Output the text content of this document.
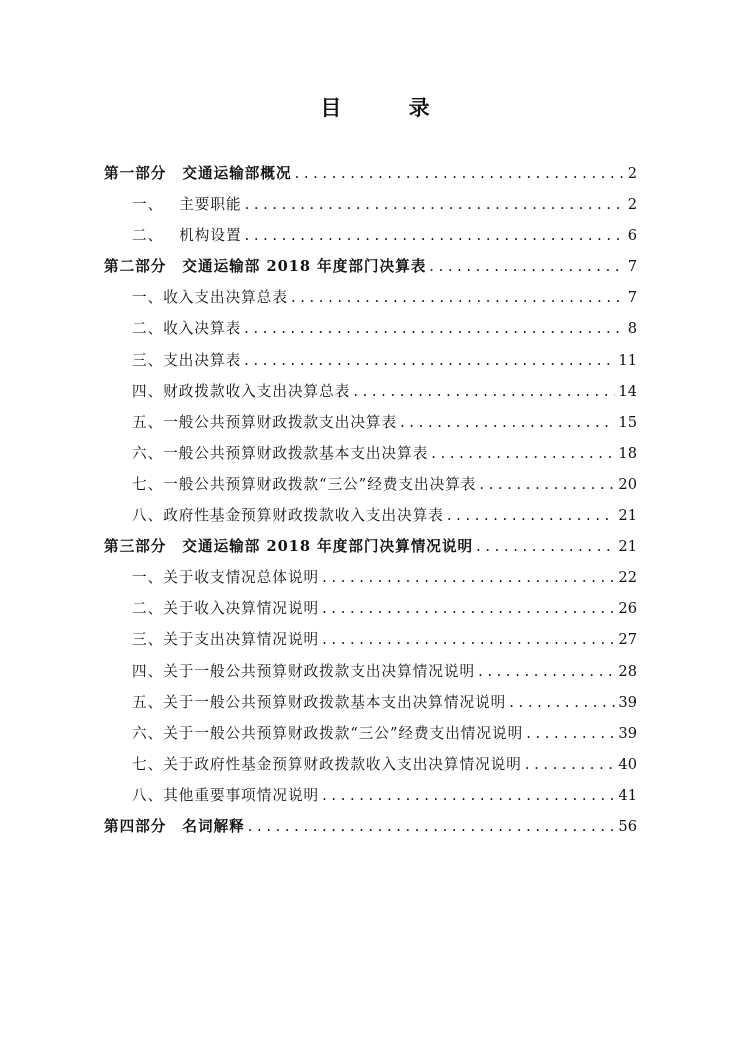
目 录
第一部分 交通运输部概况 . . .	2
一、 主要职能 . . .	2
二、 机构设置 . . .	6
第二部分 交通运输部 2018 年度部门决算表 . . .	7
一、收入支出决算总表 . . .	7
二、收入决算表 . . .	8
三、支出决算表 . . .	11
四、财政拨款收入支出决算总表 . . .	14
五、一般公共预算财政拨款支出决算表 . . .	15
六、一般公共预算财政拨款基本支出决算表 . . .	18
七、一般公共预算财政拨款“三公”经费支出决算表 . . .	20
八、政府性基金预算财政拨款收入支出决算表 . . .	21
第三部分 交通运输部 2018 年度部门决算情况说明 . . .	21
一、关于收支情况总体说明 . . .	22
二、关于收入决算情况说明 . . .	26
三、关于支出决算情况说明 . . .	27
四、关于一般公共预算财政拨款支出决算情况说明 . . .	28
五、关于一般公共预算财政拨款基本支出决算情况说明 . . .	39
六、关于一般公共预算财政拨款“三公”经费支出情况说明 . . .	39
七、关于政府性基金预算财政拨款收入支出决算情况说明 . . .	40
八、其他重要事项情况说明 . . .	41
第四部分 名词解释 . . .	56
